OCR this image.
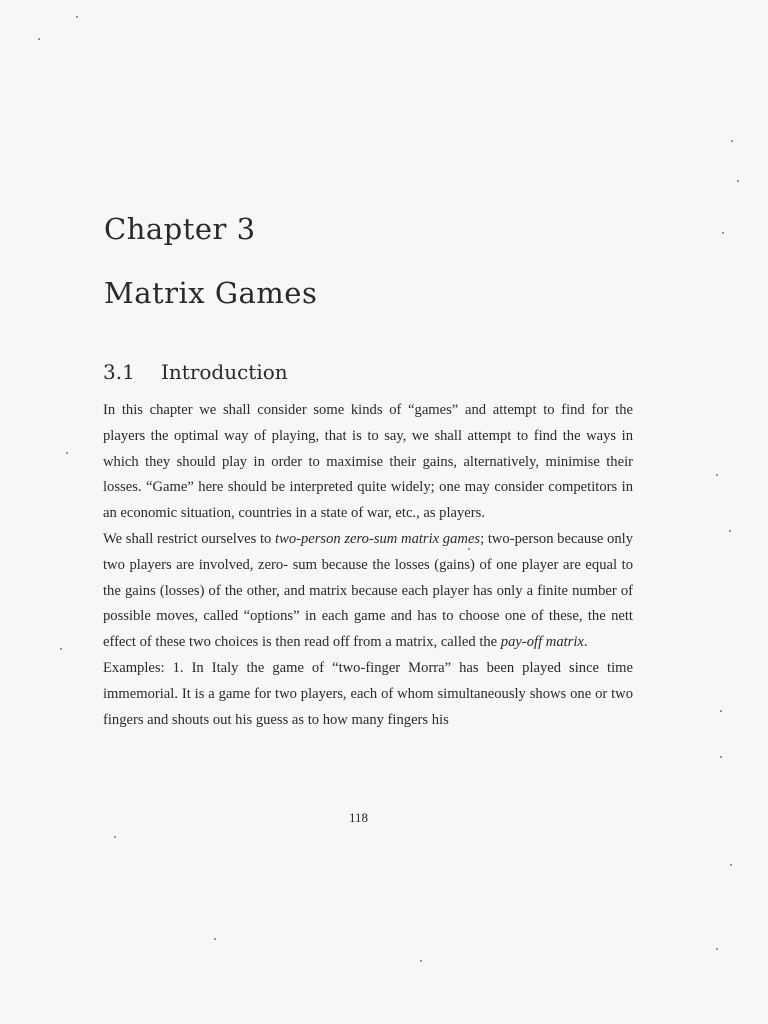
Chapter 3
Matrix Games
3.1 Introduction

In this chapter we shall consider some kinds of “games” and attempt to find for the players the optimal way of playing, that is to say, we shall attempt to find the ways in which they should play in order to maximise their gains, alternatively, minimise their losses. “Game” here should be interpreted quite widely; one may consider competitors in an economic situation, countries in a state of war, etc., as players.

We shall restrict ourselves to two-person zero-sum matrix games; two-person because only two players are involved, zero- sum because the losses (gains) of one player are equal to the gains (losses) of the other, and matrix because each player has only a finite number of possible moves, called “options” in each game and has to choose one of these, the nett effect of these two choices is then read off from a matrix, called the pay-off matrix.

Examples: 1. In Italy the game of “two-finger Morra” has been played since time immemorial. It is a game for two players, each of whom simultaneously shows one or two fingers and shouts out his guess as to how many fingers his

118
